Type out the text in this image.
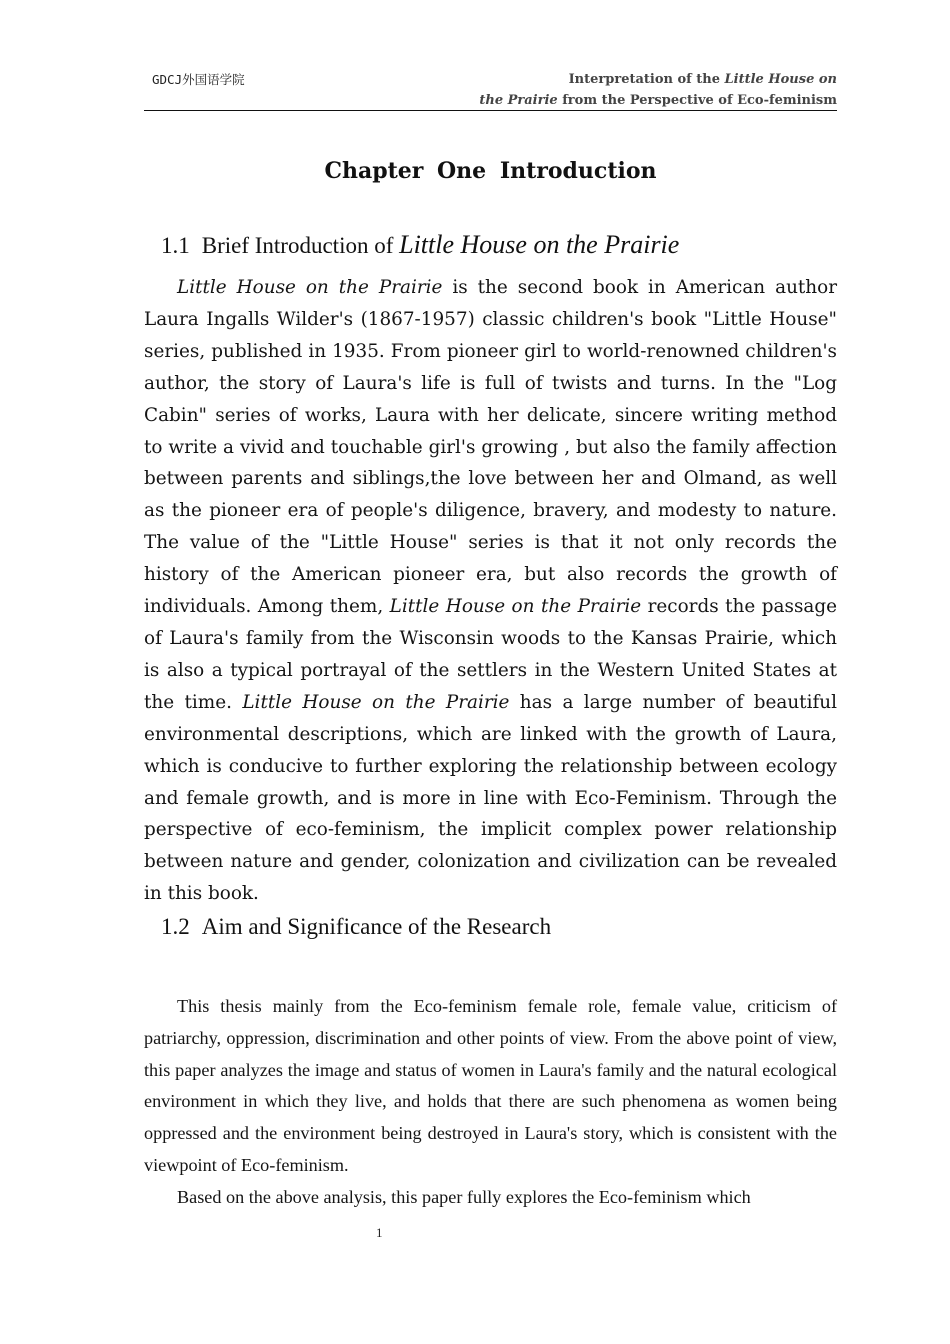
GDCJ外国语学院	Interpretation of the Little House on
the Prairie from the Perspective of Eco-feminism
Chapter One Introduction
1.1 Brief Introduction of Little House on the Prairie
Little House on the Prairie is the second book in American author Laura Ingalls Wilder's (1867-1957) classic children's book "Little House" series, published in 1935. From pioneer girl to world-renowned children's author, the story of Laura's life is full of twists and turns. In the "Log Cabin" series of works, Laura with her delicate, sincere writing method to write a vivid and touchable girl's growing , but also the family affection between parents and siblings,the love between her and Olmand, as well as the pioneer era of people's diligence, bravery, and modesty to nature. The value of the "Little House" series is that it not only records the history of the American pioneer era, but also records the growth of individuals. Among them, Little House on the Prairie records the passage of Laura's family from the Wisconsin woods to the Kansas Prairie, which is also a typical portrayal of the settlers in the Western United States at the time. Little House on the Prairie has a large number of beautiful environmental descriptions, which are linked with the growth of Laura, which is conducive to further exploring the relationship between ecology and female growth, and is more in line with Eco-Feminism. Through the perspective of eco-feminism, the implicit complex power relationship between nature and gender, colonization and civilization can be revealed in this book.
1.2 Aim and Significance of the Research

This thesis mainly from the Eco-feminism female role, female value, criticism of patriarchy, oppression, discrimination and other points of view. From the above point of view, this paper analyzes the image and status of women in Laura's family and the natural ecological environment in which they live, and holds that there are such phenomena as women being oppressed and the environment being destroyed in Laura's story, which is consistent with the viewpoint of Eco-feminism.

Based on the above analysis, this paper fully explores the Eco-feminism which

1
